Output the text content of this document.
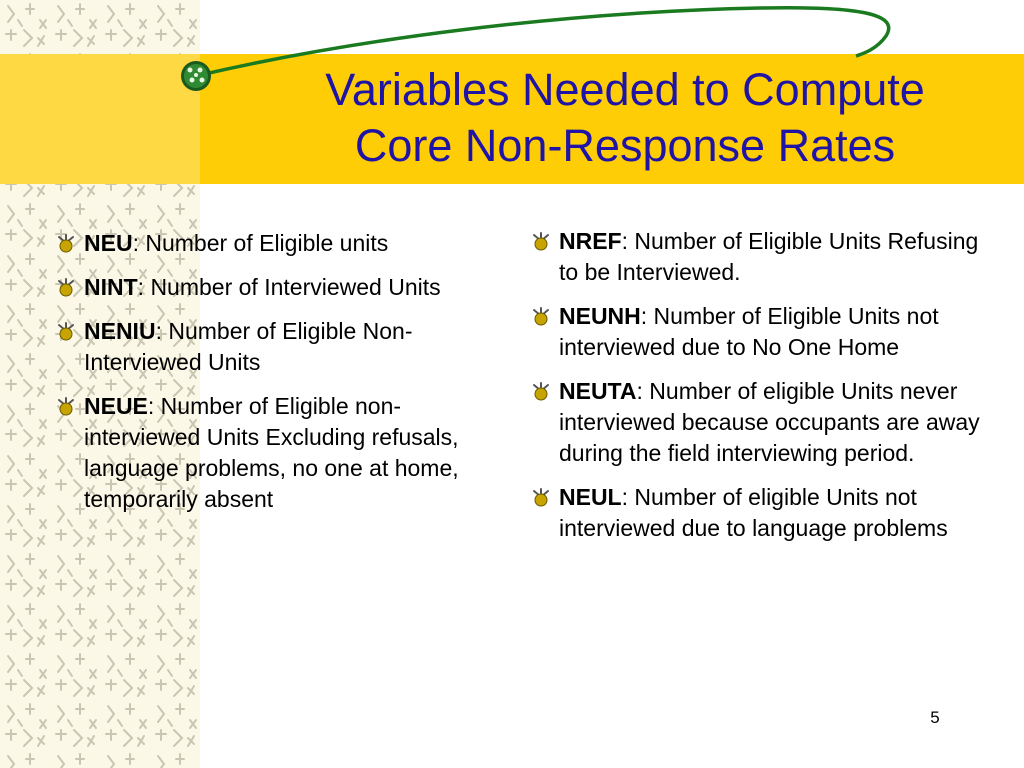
Variables Needed to Compute
Core Non-Response Rates
NEU: Number of Eligible units
NINT: Number of Interviewed Units
NENIU: Number of Eligible Non-Interviewed Units
NEUE: Number of Eligible non-interviewed Units Excluding refusals, language problems, no one at home, temporarily absent
NREF: Number of Eligible Units Refusing to be Interviewed.
NEUNH: Number of Eligible Units not interviewed due to No One Home
NEUTA: Number of eligible Units never interviewed because occupants are away during the field interviewing period.
NEUL: Number of eligible Units not interviewed due to language problems
5
